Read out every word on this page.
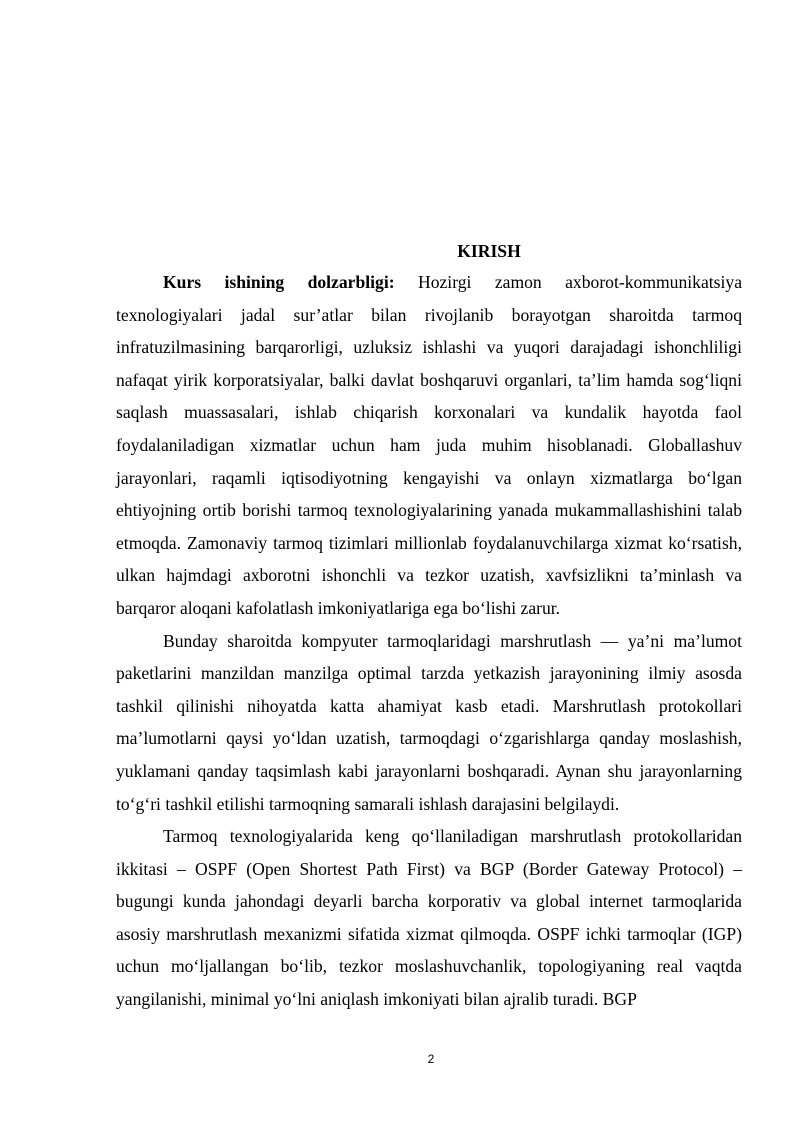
KIRISH

Kurs ishining dolzarbligi: Hozirgi zamon axborot-kommunikatsiya texnologiyalari jadal sur’atlar bilan rivojlanib borayotgan sharoitda tarmoq infratuzilmasining barqarorligi, uzluksiz ishlashi va yuqori darajadagi ishonchliligi nafaqat yirik korporatsiyalar, balki davlat boshqaruvi organlari, ta’lim hamda sog‘liqni saqlash muassasalari, ishlab chiqarish korxonalari va kundalik hayotda faol foydalaniladigan xizmatlar uchun ham juda muhim hisoblanadi. Globallashuv jarayonlari, raqamli iqtisodiyotning kengayishi va onlayn xizmatlarga bo‘lgan ehtiyojning ortib borishi tarmoq texnologiyalarining yanada mukammallashishini talab etmoqda. Zamonaviy tarmoq tizimlari millionlab foydalanuvchilarga xizmat ko‘rsatish, ulkan hajmdagi axborotni ishonchli va tezkor uzatish, xavfsizlikni ta’minlash va barqaror aloqani kafolatlash imkoniyatlariga ega bo‘lishi zarur.

Bunday sharoitda kompyuter tarmoqlaridagi marshrutlash — ya’ni ma’lumot paketlarini manzildan manzilga optimal tarzda yetkazish jarayonining ilmiy asosda tashkil qilinishi nihoyatda katta ahamiyat kasb etadi. Marshrutlash protokollari ma’lumotlarni qaysi yo‘ldan uzatish, tarmoqdagi o‘zgarishlarga qanday moslashish, yuklamani qanday taqsimlash kabi jarayonlarni boshqaradi. Aynan shu jarayonlarning to‘g‘ri tashkil etilishi tarmoqning samarali ishlash darajasini belgilaydi.

Tarmoq texnologiyalarida keng qo‘llaniladigan marshrutlash protokollaridan ikkitasi – OSPF (Open Shortest Path First) va BGP (Border Gateway Protocol) – bugungi kunda jahondagi deyarli barcha korporativ va global internet tarmoqlarida asosiy marshrutlash mexanizmi sifatida xizmat qilmoqda. OSPF ichki tarmoqlar (IGP) uchun mo‘ljallangan bo‘lib, tezkor moslashuvchanlik, topologiyaning real vaqtda yangilanishi, minimal yo‘lni aniqlash imkoniyati bilan ajralib turadi. BGP

2
